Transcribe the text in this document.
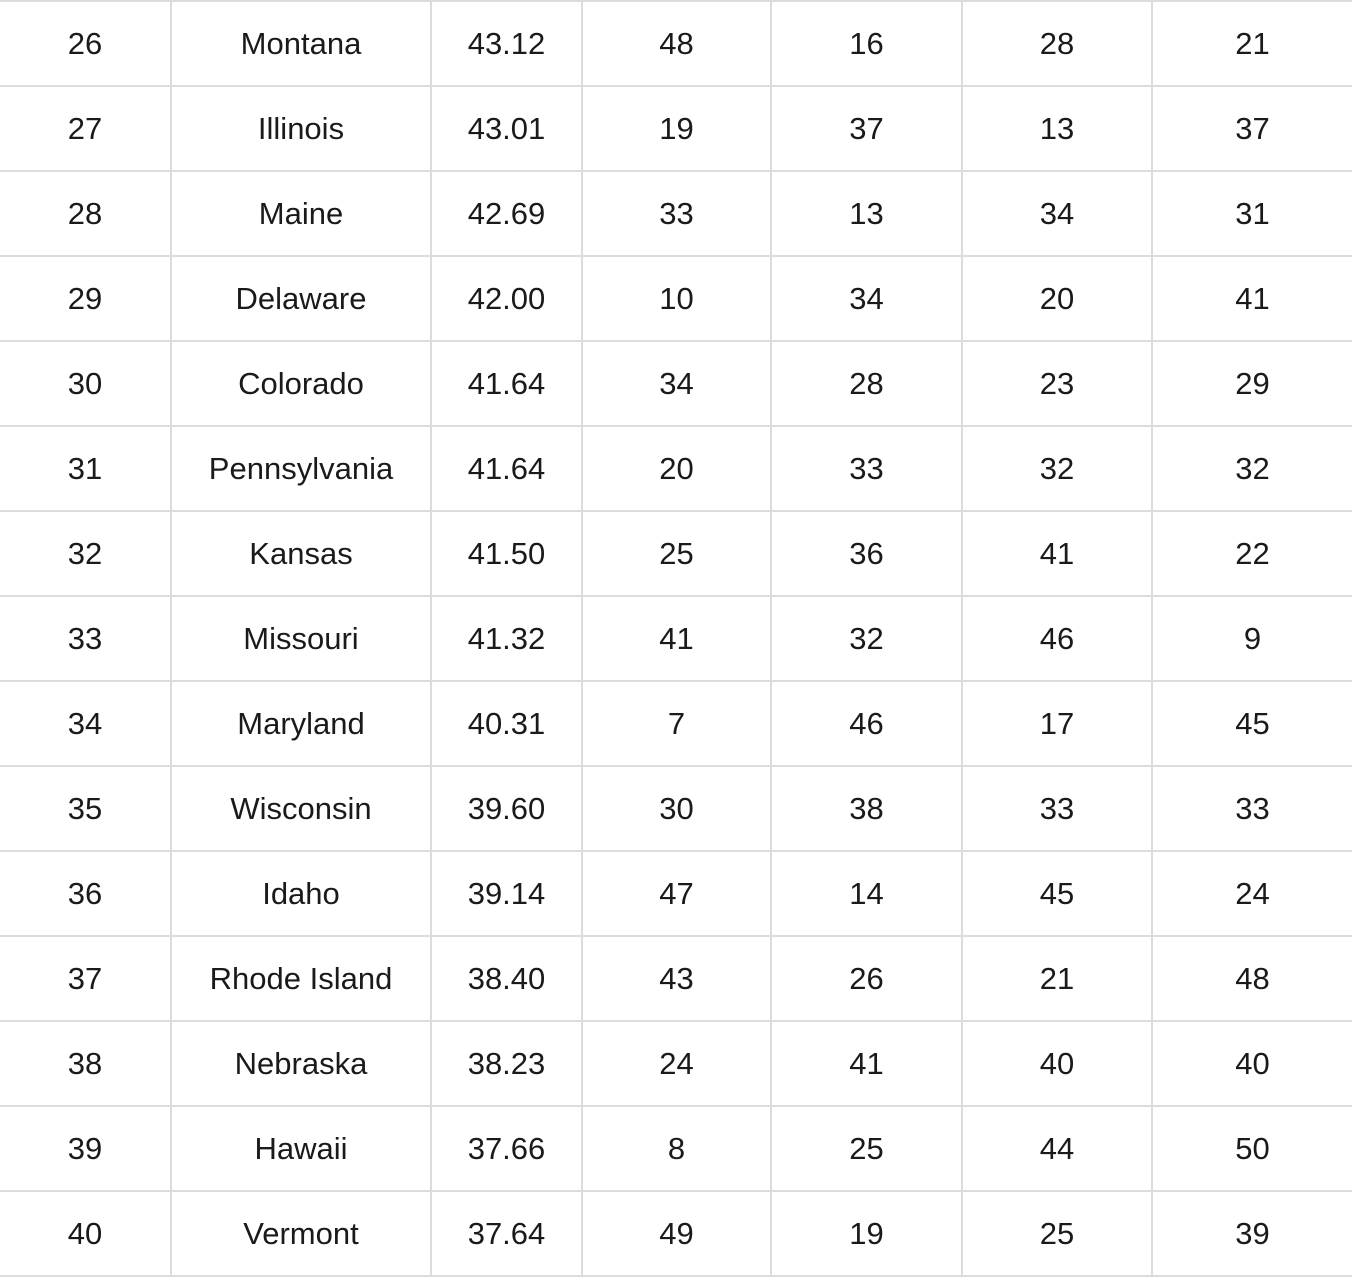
26	Montana	43.12	48	16	28	21
27	Illinois	43.01	19	37	13	37
28	Maine	42.69	33	13	34	31
29	Delaware	42.00	10	34	20	41
30	Colorado	41.64	34	28	23	29
31	Pennsylvania	41.64	20	33	32	32
32	Kansas	41.50	25	36	41	22
33	Missouri	41.32	41	32	46	9
34	Maryland	40.31	7	46	17	45
35	Wisconsin	39.60	30	38	33	33
36	Idaho	39.14	47	14	45	24
37	Rhode Island	38.40	43	26	21	48
38	Nebraska	38.23	24	41	40	40
39	Hawaii	37.66	8	25	44	50
40	Vermont	37.64	49	19	25	39
